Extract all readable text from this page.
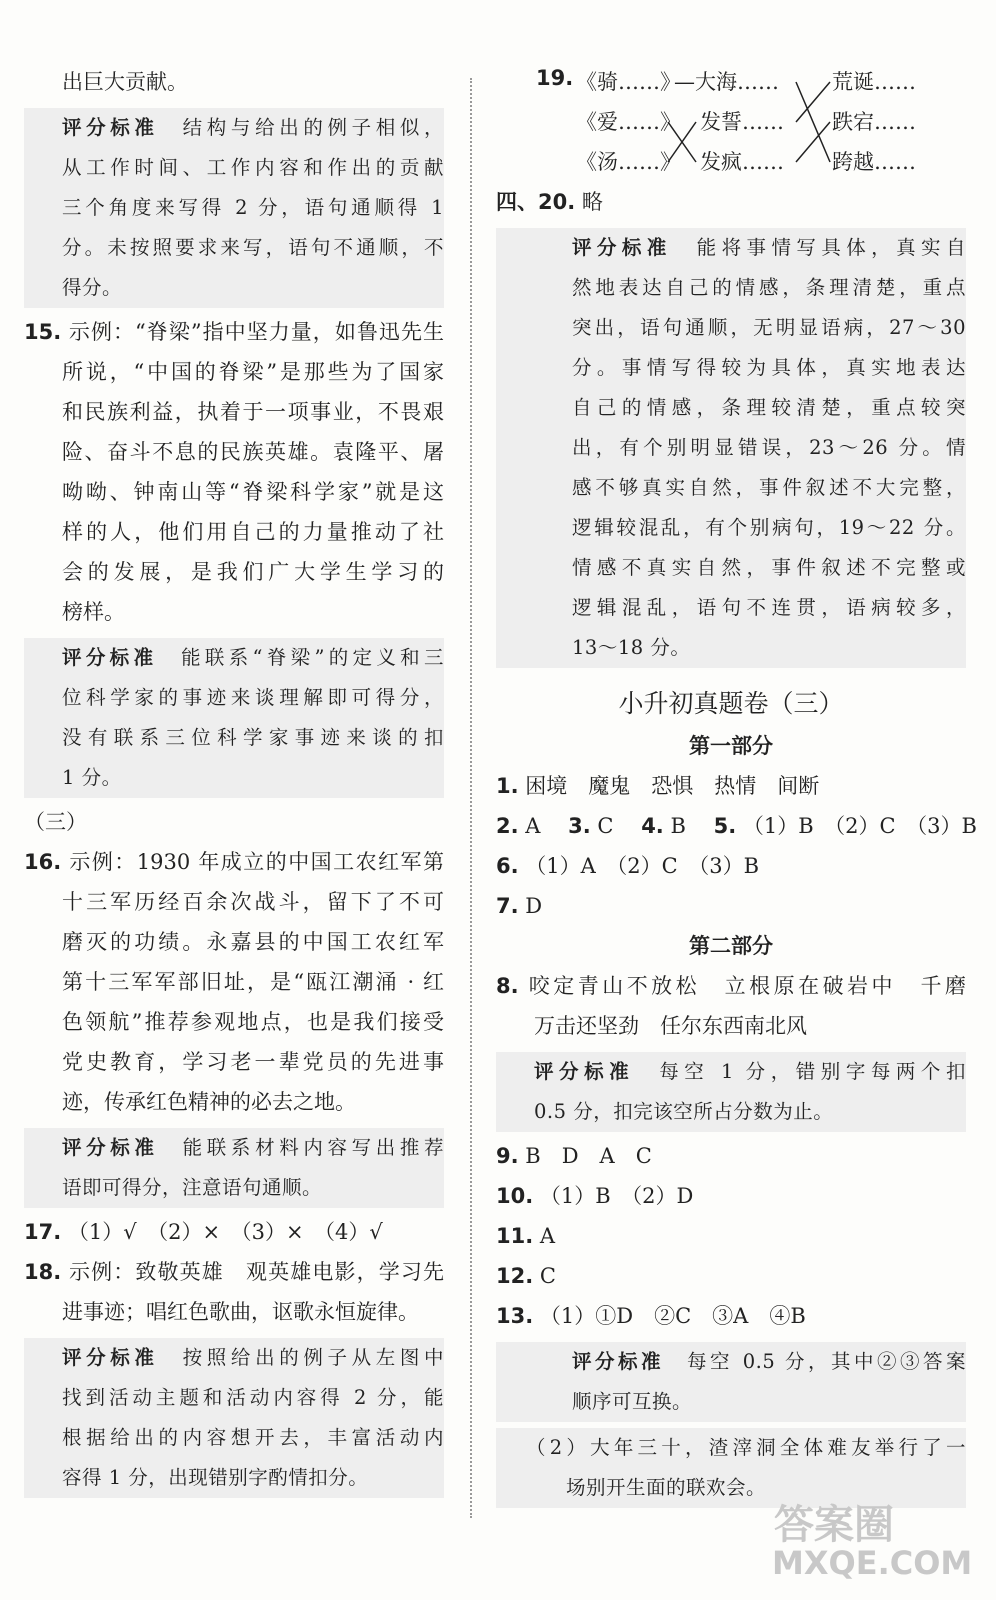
出巨大贡献。
评分标准　 结构与给出的例子相似，
从工作时间、工作内容和作出的贡献
三个角度来写得 2 分，语句通顺得 1
分。未按照要求来写，语句不通顺，不
得分。
15. 示例：“脊梁”指中坚力量，如鲁迅先生
所说，“中国的脊梁”是那些为了国家
和民族利益，执着于一项事业，不畏艰
险、奋斗不息的民族英雄。袁隆平、屠
呦呦、钟南山等“脊梁科学家”就是这
样的人，他们用自己的力量推动了社
会的发展，是我们广大学生学习的
榜样。
评分标准　 能联系“脊梁”的定义和三
位科学家的事迹来谈理解即可得分，
没有联系三位科学家事迹来谈的扣
1 分。
（三）
16. 示例：1930 年成立的中国工农红军第
十三军历经百余次战斗，留下了不可
磨灭的功绩。永嘉县的中国工农红军
第十三军军部旧址，是“瓯江潮涌 · 红
色领航”推荐参观地点，也是我们接受
党史教育，学习老一辈党员的先进事
迹，传承红色精神的必去之地。
评分标准　 能联系材料内容写出推荐
语即可得分，注意语句通顺。
17. （1）√　（2）×　（3）×　（4）√
18. 示例：致敬英雄　观英雄电影，学习先
进事迹；唱红色歌曲，讴歌永恒旋律。
评分标准　 按照给出的例子从左图中
找到活动主题和活动内容得 2 分，能
根据给出的内容想开去，丰富活动内
容得 1 分，出现错别字酌情扣分。
19. 《骑……》
《爱……》
《汤……》
—大海……
发誓……
发疯……
荒诞……
跌宕……
跨越……
四、20. 略
评分标准　 能将事情写具体，真实自
然地表达自己的情感，条理清楚，重点
突出，语句通顺，无明显语病，27～30
分。事情写得较为具体，真实地表达
自己的情感，条理较清楚，重点较突
出，有个别明显错误，23～26 分。情
感不够真实自然，事件叙述不大完整，
逻辑较混乱，有个别病句，19～22 分。
情感不真实自然，事件叙述不完整或
逻辑混乱，语句不连贯，语病较多，
13～18 分。
小升初真题卷（三）
第一部分
1. 困境　魔鬼　恐惧　热情　间断
2. A　 3. C　 4. B　 5. （1）B　（2）C　（3）B
6. （1）A　（2）C　（3）B
7. D
第二部分
8. 咬定青山不放松　立根原在破岩中　千磨
万击还坚劲　任尔东西南北风
评分标准　 每空 1 分，错别字每两个扣
0.5 分，扣完该空所占分数为止。
9. B　D　A　C
10. （1）B　（2）D
11. A
12. C
13. （1）①D　②C　③A　④B
评分标准　 每空 0.5 分，其中②③答案
顺序可互换。
（2）大年三十，渣滓洞全体难友举行了一
场别开生面的联欢会。
答案圈
MXQE.COM
